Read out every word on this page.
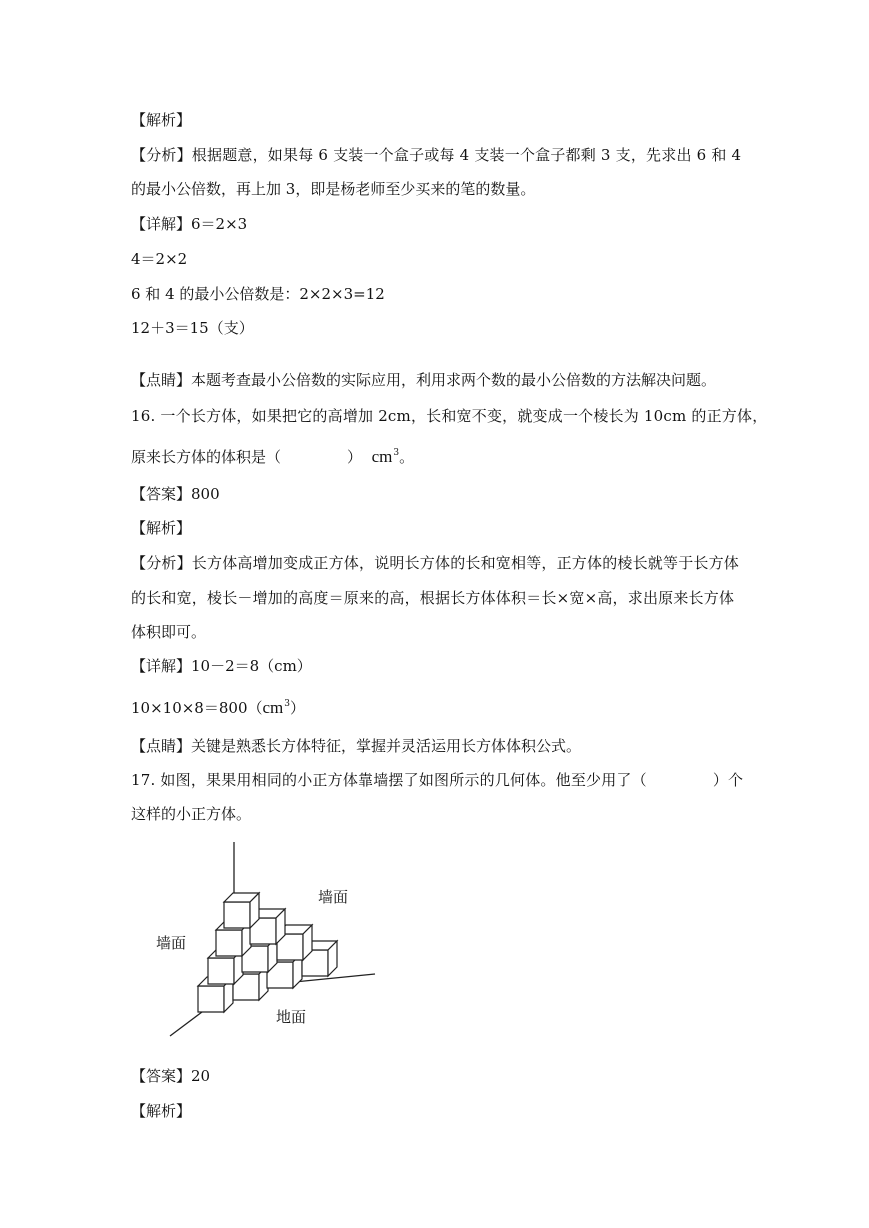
【解析】
【分析】根据题意，如果每 6 支装一个盒子或每 4 支装一个盒子都剩 3 支，先求出 6 和 4
的最小公倍数，再上加 3，即是杨老师至少买来的笔的数量。
【详解】6＝2×3
4＝2×2
6 和 4 的最小公倍数是：2×2×3=12
12＋3＝15（支）
【点睛】本题考查最小公倍数的实际应用，利用求两个数的最小公倍数的方法解决问题。
16. 一个长方体，如果把它的高增加 2cm，长和宽不变，就变成一个棱长为 10cm 的正方体，
原来长方体的体积是（	） $cm^3$。
【答案】800
【解析】
【分析】长方体高增加变成正方体，说明长方体的长和宽相等，正方体的棱长就等于长方体
的长和宽，棱长－增加的高度＝原来的高，根据长方体体积＝长×宽×高，求出原来长方体
体积即可。
【详解】10－2＝8（cm）
$10\times 10\times 8=800(cm^3)$
【点睛】关键是熟悉长方体特征，掌握并灵活运用长方体体积公式。
17. 如图，果果用相同的小正方体靠墙摆了如图所示的几何体。他至少用了（	）个
这样的小正方体。
墙面
墙面
地面
【答案】20
【解析】
